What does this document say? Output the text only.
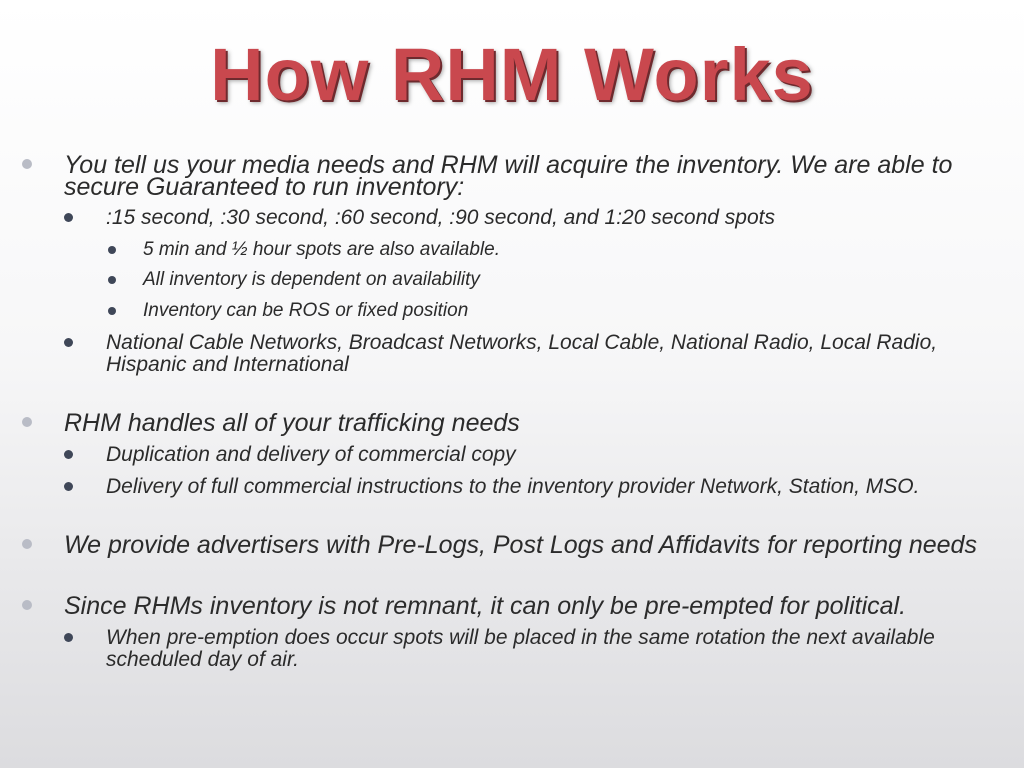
How RHM Works
You tell us your media needs and RHM will acquire the inventory. We are able to secure Guaranteed to run inventory:
:15 second, :30 second, :60 second, :90 second, and 1:20 second spots
5 min and ½ hour spots are also available.
All inventory is dependent on availability
Inventory can be ROS or fixed position
National Cable Networks, Broadcast Networks, Local Cable, National Radio, Local Radio, Hispanic and International
RHM handles all of your trafficking needs
Duplication and delivery of commercial copy
Delivery of full commercial instructions to the inventory provider Network, Station, MSO.
We provide advertisers with Pre-Logs, Post Logs and Affidavits for reporting needs
Since RHMs inventory is not remnant, it can only be pre-empted for political.
When pre-emption does occur spots will be placed in the same rotation the next available scheduled day of air.
